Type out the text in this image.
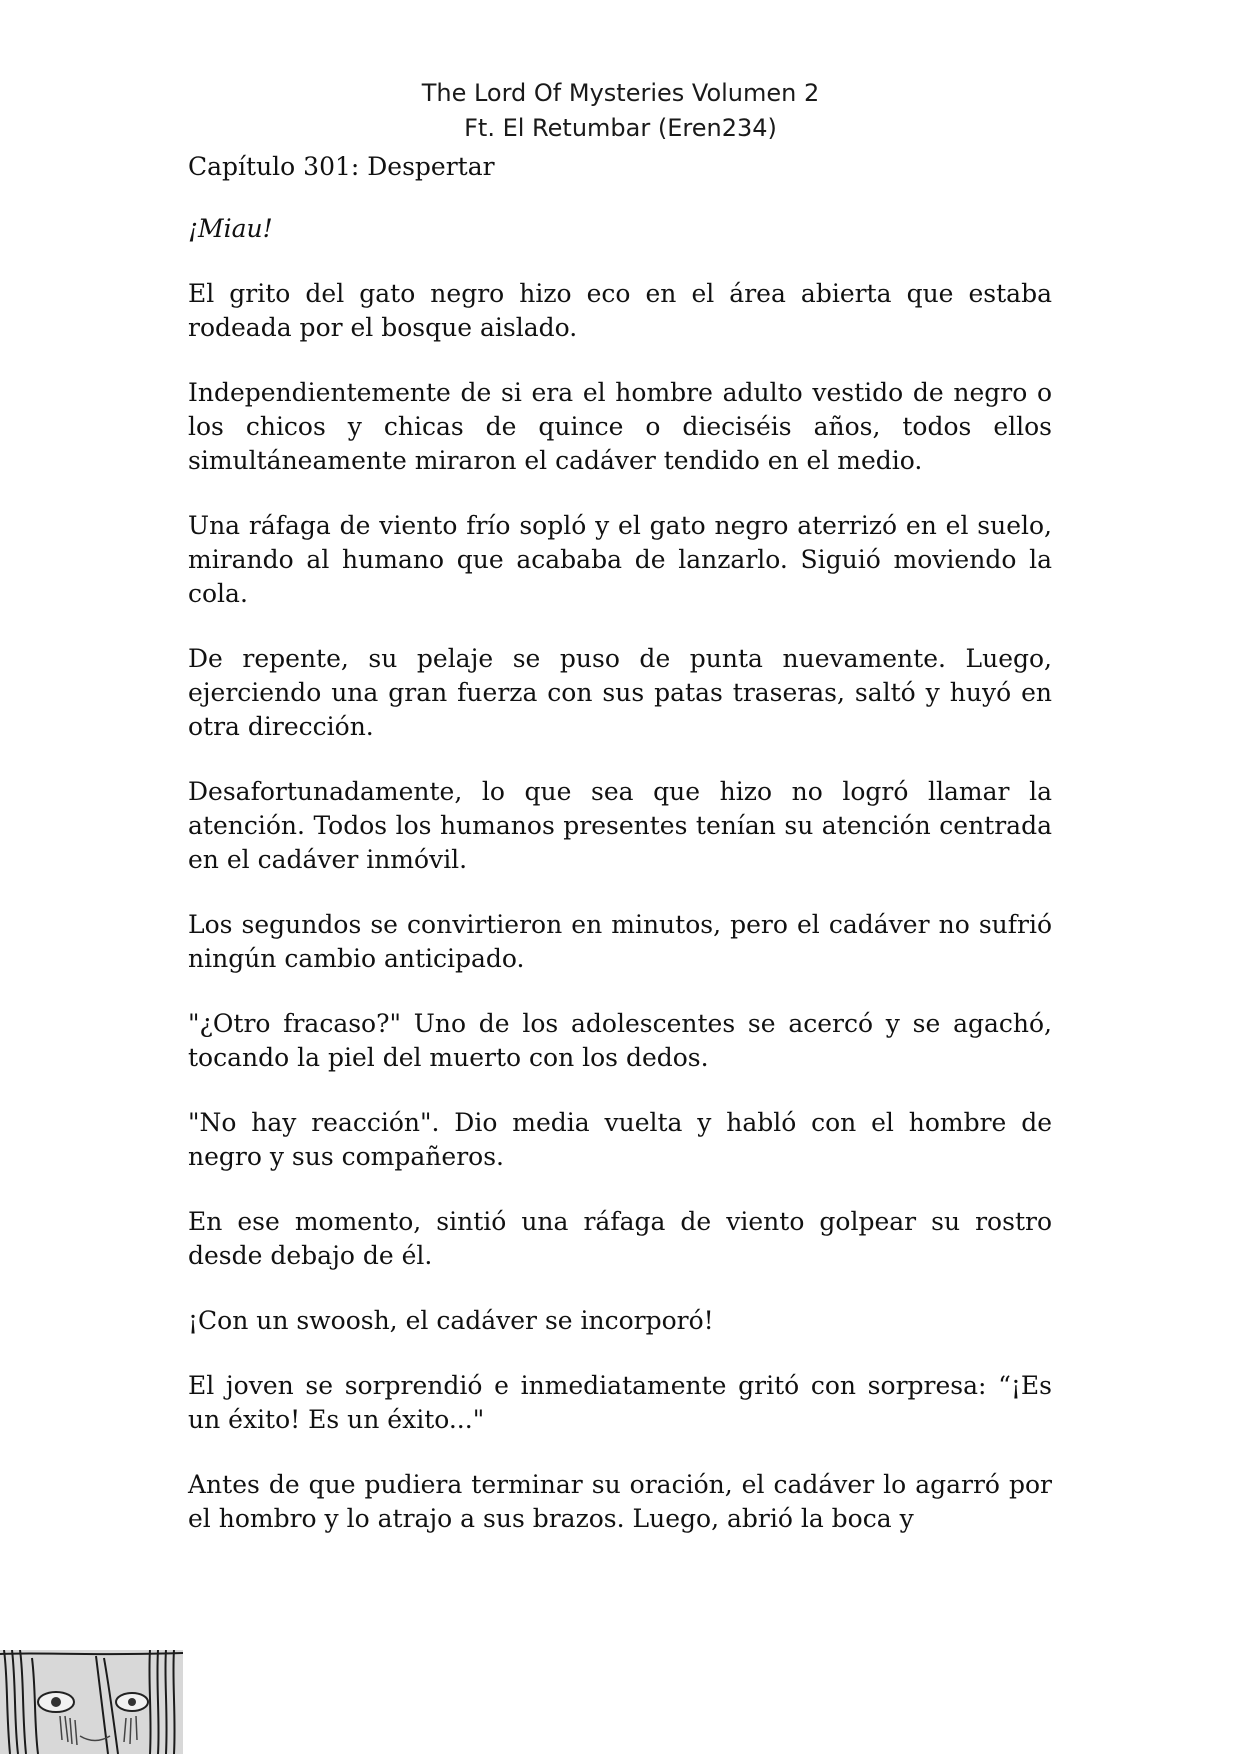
The Lord Of Mysteries Volumen 2
Ft. El Retumbar (Eren234)
Capítulo 301: Despertar

¡Miau!

El grito del gato negro hizo eco en el área abierta que estaba rodeada por el bosque aislado.

Independientemente de si era el hombre adulto vestido de negro o los chicos y chicas de quince o dieciséis años, todos ellos simultáneamente miraron el cadáver tendido en el medio.

Una ráfaga de viento frío sopló y el gato negro aterrizó en el suelo, mirando al humano que acababa de lanzarlo. Siguió moviendo la cola.

De repente, su pelaje se puso de punta nuevamente. Luego, ejerciendo una gran fuerza con sus patas traseras, saltó y huyó en otra dirección.

Desafortunadamente, lo que sea que hizo no logró llamar la atención. Todos los humanos presentes tenían su atención centrada en el cadáver inmóvil.

Los segundos se convirtieron en minutos, pero el cadáver no sufrió ningún cambio anticipado.

"¿Otro fracaso?" Uno de los adolescentes se acercó y se agachó, tocando la piel del muerto con los dedos.

"No hay reacción". Dio media vuelta y habló con el hombre de negro y sus compañeros.

En ese momento, sintió una ráfaga de viento golpear su rostro desde debajo de él.

¡Con un swoosh, el cadáver se incorporó!

El joven se sorprendió e inmediatamente gritó con sorpresa: “¡Es un éxito! Es un éxito..."

Antes de que pudiera terminar su oración, el cadáver lo agarró por el hombro y lo atrajo a sus brazos. Luego, abrió la boca y
